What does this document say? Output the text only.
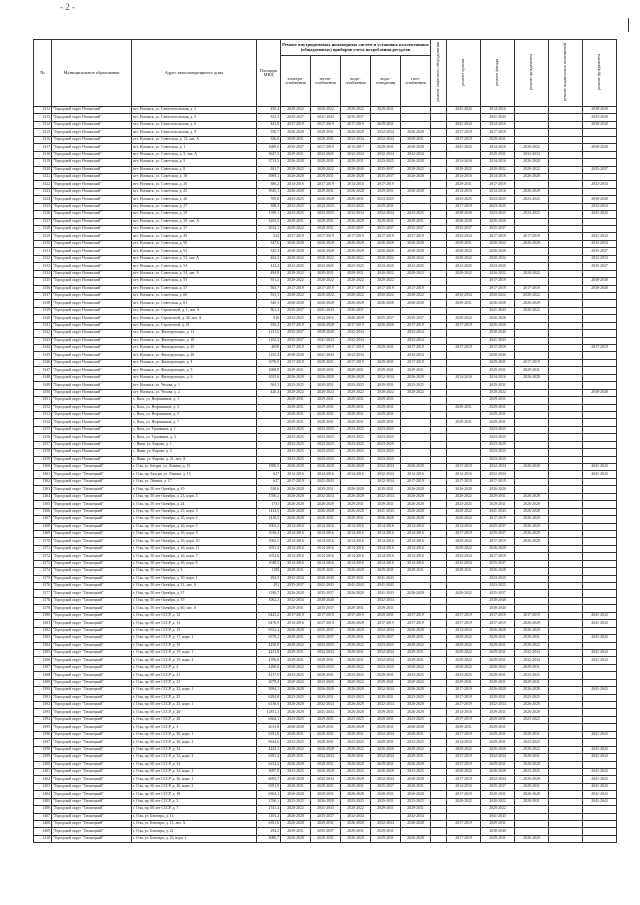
- 2 -
№	Муниципальное образование	Адрес многоквартирного дома	Площадь МКД	Ремонт внутридомовых инженерных систем и установка коллективных (общедомовых) приборов учета потребления ресурсов					ремонт лифтового оборудования	ремонт крыши	ремонт фасада	ремонт фундамента	ремонт подвальных помещений	ремонт фундамента
				электро-снабжения	тепло-снабжения	водо-снабжения	водо-отведения	газо-снабжения						
1312	"Городской округ Ногинский"	пгт. Ногинск, ул. Севастопольская, д. 2	450,4	2020-2022	2020-2022	2020-2022	2029-2031			2041-2043	2014-2016			2038-2040
1313	"Городской округ Ногинский"	пгт. Ногинск, ул. Севастопольская, д. 3	823,3	2035-2037	2041-2043	2035-2037					2041-2043			2035-2040
1314	"Городской округ Ногинский"	пгт. Ногинск, ул. Севастопольская, д. 6	443,8	2017-2019	2017-2019	2017-2019	2029-2031			2041-2043	2014-2016			2038-2040
1315	"Городской округ Ногинский"	пгт. Ногинск, ул. Севастопольская, д. 9	550,7	2026-2028	2029-2031	2026-2028	2032-2034	2026-2028		2017-2019	2017-2019			
1316	"Городской округ Ногинский"	пгт. Ногинск, ул. Советская, д. 13, лит. А	536,0	2029-2031	2029-2031	2032-2034	2032-2034	2029-2031		2017-2019	2029-2031			
1317	"Городской округ Ногинский"	пгт. Ногинск, ул. Советская, д. 1	1689,0	2035-2037	2017-2019	2015-2017	2029-2031	2026-2028		2041-2043	2014-2016	2020-2022		2038-2040
1318	"Городской округ Ногинский"	пгт. Ногинск, ул. Советская, д. 3, лит. А	3627,3	2029-2031	2023-2025	2032-2034	2032-2034	2032-2034			2029-2031	2032-2034		
1319	"Городской округ Ногинский"	пгт. Ногинск, ул. Советская, д. 5	3713,5	2026-2028	2029-2031	2029-2031	2023-2025	2026-2028		2014-2016	2014-2016	2026-2028		
1320	"Городской округ Ногинский"	пгт. Ногинск, ул. Советская, д. 8	631,7	2020-2022	2020-2022	2038-2040	2035-2037	2020-2022		2020-2022	2020-2022	2020-2022		2035-2037
1321	"Городской округ Ногинский"	пгт. Ногинск, ул. Советская, д. 18	3969,1	2026-2028	2029-2031	2026-2028	2035-2037	2026-2028		2014-2016	2014-2016	2026-2028		
1322	"Городской округ Ногинский"	пгт. Ногинск, ул. Советская, д. 20	386,2	2014-2016	2017-2019	2014-2016	2017-2019			2029-2031	2017-2019			2032-2034
1323	"Городской округ Ногинский"	пгт. Ногинск, ул. Советская, д. 25	3945,1	2026-2028	2029-2031	2026-2028	2029-2031	2026-2028		2014-2016	2014-2016	2026-2028		
1324	"Городской округ Ногинский"	пгт. Ногинск, ул. Советская, д. 26	705,8	2023-2025	2026-2028	2029-2031	2023-2025			2023-2025	2023-2025	2023-2025		2038-2040
1325	"Городской округ Ногинский"	пгт. Ногинск, ул. Советская, д. 27	398,3	2023-2025	2023-2025	2023-2025	2029-2031			2017-2019	2023-2025			2032-2034
1326	"Городской округ Ногинский"	пгт. Ногинск, ул. Советская, д. 29	1599,1	2023-2025	2023-2025	2032-2034	2032-2034	2023-2025		2038-2040	2023-2025	2023-2025		2041-2043
1327	"Городской округ Ногинский"	пгт. Ногинск, ул. Советская, д. 29, лит. А	3203,5	2029-2031	2029-2031	2026-2028	2029-2031	2029-2031		2026-2028	2026-2028			
1328	"Городской округ Ногинский"	пгт. Ногинск, ул. Советская, д. 37	2014,1	2020-2022	2029-2031	2035-2037	2035-2037	2035-2037		2035-2037	2035-2037			
1329	"Городской округ Ногинский"	пгт. Ногинск, ул. Советская, д. 49	543	2017-2019	2017-2019	2017-2019	2017-2019	2017-2019		2032-2034	2017-2019	2017-2019		2041-2043
1330	"Городской округ Ногинский"	пгт. Ногинск, ул. Советская, д. 50	547,6	2026-2028	2026-2028	2026-2028	2026-2028	2026-2028		2029-2031	2020-2022	2026-2028		2032-2034
1331	"Городской округ Ногинский"	пгт. Ногинск, ул. Советская, д. 52	545,3	2026-2028	2026-2028	2026-2028	2026-2028	2026-2028		2020-2022	2026-2028			2035-2037
1332	"Городской округ Ногинский"	пгт. Ногинск, ул. Советская, д. 53, лит. А	404,3	2020-2022	2020-2022	2020-2022	2020-2022	2020-2022		2020-2022	2020-2022			2032-2034
1333	"Городской округ Ногинский"	пгт. Ногинск, ул. Советская, д. 54	414,4	2023-2025	2023-2025	2023-2025	2023-2025	2023-2025		2023-2025	2023-2025			2035-2037
1334	"Городской округ Ногинский"	пгт. Ногинск, ул. Советская, д. 54, лит. А	494,8	2020-2022	2029-2031	2029-2031	2020-2022	2020-2022		2020-2022	2020-2022	2020-2022		
1335	"Городской округ Ногинский"	пгт. Ногинск, ул. Советская, д. 55	551,2	2020-2022	2020-2022	2020-2022	2020-2022				2017-2019			2038-2040
1336	"Городской округ Ногинский"	пгт. Ногинск, ул. Советская, д. 57	563,7	2017-2019	2017-2019	2017-2019	2017-2019	2017-2019			2017-2019	2017-2019		2038-2040
1337	"Городской округ Ногинский"	пгт. Ногинск, ул. Советская, д. 60	531,1	2020-2022	2020-2022	2020-2022	2020-2022	2020-2022		2032-2034	2020-2022	2020-2022		
1338	"Городской округ Ногинский"	пгт. Ногинск, ул. Советская, д. 61	540,5	2026-2028	2026-2028	2026-2028	2026-2028	2026-2028		2029-2031	2026-2028	2026-2028		
1339	"Городской округ Ногинский"	пгт. Ногинск, ул. Строителей, д. 1, лит. А	501,4	2035-2037	2041-2043	2035-2037					2041-2043	2020-2022		
1340	"Городской округ Ногинский"	пгт. Ногинск, ул. Строителей, д. 38, лит. А	816	2023-2025	2014-2016	2026-2028	2035-2037	2035-2037		2020-2022	2026-2028			
1341	"Городской округ Ногинский"	пгт. Ногинск, ул. Строителей, д. 41	550,4	2017-2019	2026-2028	2017-2019	2026-2028	2017-2019		2017-2019	2026-2028			
1342	"Городской округ Ногинский"	пгт. Ногинск, ул. Фильтрующих, д. 12	1211,6	2035-2037	2038-2040	2032-2034		2032-2034			2038-2040			
1343	"Городской округ Ногинский"	пгт. Ногинск, ул. Фильтрующих, д. 18	1102,5	2035-2037	2041-2043	2032-2034		2032-2034			2041-2043			
1344	"Городской округ Ногинский"	пгт. Ногинск, ул. Фильтрующих, д. 25	4058	2017-2019	2017-2019	2017-2019	2029-2031	2017-2019		2017-2019	2017-2019			2017-2019
1345	"Городской округ Ногинский"	пгт. Ногинск, ул. Фильтрующих, д. 28	1255,4	2038-2040	2041-2043	2032-2034		2032-2034			2038-2040			
1346	"Городской округ Ногинский"	пгт. Ногинск, ул. Фильтрующих, д. 4	1076,5	2017-2019	2029-2031	2017-2019	2029-2031	2017-2019			2029-2031	2017-2019		
1347	"Городской округ Ногинский"	пгт. Ногинск, ул. Фильтрующих, д. 5	1068,8	2029-2031	2029-2031	2029-2031	2029-2031	2029-2031			2029-2031	2029-2031		
1348	"Городской округ Ногинский"	пгт. Ногинск, ул. Фильтрующих, д. 6	1015,6	2026-2028	2026-2028	2026-2028	2032-2034	2026-2028		2014-2016	2014-2016	2026-2028		
1349	"Городской округ Ногинский"	пгт. Ногинск, ул. Чехова, д. 1	563,3	2023-2025	2029-2031	2023-2025	2029-2031	2023-2025			2029-2031			
1350	"Городской округ Ногинский"	пгт. Ногинск, ул. Чехова, д. 2	420,4	2020-2022	2020-2022	2020-2022	2020-2022	2020-2022			2020-2022			2038-2040
1351	"Городской округ Ногинский"	с. Вась, ул. Нефтяников, д. 1		2029-2031	2029-2031	2029-2031	2029-2031				2029-2031			
1352	"Городской округ Ногинский"	с. Вась, ул. Нефтяников, д. 3		2029-2031	2029-2031	2029-2031	2029-2031			2029-2031	2029-2031			
1353	"Городской округ Ногинский"	с. Вась, ул. Нефтяников, д. 5		2029-2031	2029-2031	2029-2031	2029-2031				2029-2031			
1354	"Городской округ Ногинский"	с. Вась, ул. Нефтяников, д. 7		2029-2031	2029-2031	2029-2031	2029-2031			2029-2031	2029-2031			
1355	"Городской округ Ногинский"	с. Вась, ул. Трошкина, д. 1		2023-2025	2023-2025	2023-2025	2023-2025				2023-2025			
1356	"Городской округ Ногинский"	с. Вась, ул. Трошкина, д. 3		2023-2025	2023-2025	2023-2025	2023-2025				2023-2025			
1357	"Городской округ Ногинский"	с. Ивня, ул. Кирова, д. 1		2023-2025	2023-2025	2023-2025	2023-2025				2023-2025			
1358	"Городской округ Ногинский"	с. Ивня, ул. Кирова, д. 3		2023-2025	2023-2025	2023-2025	2023-2025				2023-2025			
1359	"Городской округ Ногинский"	с. Ивня, ул. Кирова, д. 21, лит. А		2023-2025	2023-2025	2023-2025	2023-2025				2023-2025			
1360	"Городской округ "Олонецкий"	г. Олн, ул. Батури, ул. Ленина, д. 13	1880,5	2026-2028	2026-2028	2026-2028	2032-2034	2026-2028		2017-2019	2032-2034	2026-2028		2041-2043
1361	"Городской округ "Олонецкий"	г. Олн, пр. Батури, ул. Ленина, д. 15	627	2014-2016	2014-2016	2014-2016	2032-2034	2014-2016		2014-2016	2032-2034			2041-2043
1362	"Городской округ "Олонецкий"	г. Олн, ул. Ленина, д. 17	627	2017-2019	2041-2043		2032-2034	2017-2019		2017-2019	2017-2019			
1363	"Городской округ "Олонецкий"	г. Олн, пр. 50 лет Октября, д. 10	526,6	2026-2028	2029-2031	2026-2028	2029-2031	2026-2028		2026-2028	2026-2028			
1364	"Городской округ "Олонецкий"	г. Олн, пр. 50 лет Октября, д. 23, корп. 1	1706,2	2026-2028	2032-2034	2026-2028	2032-2034	2026-2028		2020-2022	2029-2031	2026-2028		
1365	"Городской округ "Олонецкий"	г. Олн, пр. 50 лет Октября, д. 24	1731	2026-2028	2026-2028	2029-2031	2029-2031	2026-2028		2023-2025	2029-2031	2026-2028		
1366	"Городской округ "Олонецкий"	г. Олн, пр. 50 лет Октября, д. 25, корп. 3	1414,5	2026-2028	2026-2028	2026-2028	2041-2043	2026-2028		2020-2022	2041-2043	2026-2028		
1367	"Городской округ "Олонецкий"	г. Олн, пр. 50 лет Октября, д. 25, корп. 4	1418,5	2026-2028	2029-2031	2029-2031	2026-2028	2026-2028		2020-2022	2017-2019	2026-2028		
1368	"Городской округ "Олонецкий"	г. Олн, пр. 50 лет Октября, д. 26, корп. 5	1005,2	2014-2016	2014-2016	2014-2016	2014-2016	2014-2016		2014-2016	2035-2037	2026-2028		
1369	"Городской округ "Олонецкий"	г. Олн, пр. 50 лет Октября, д. 26, корп. 9	1016,4	2014-2016	2014-2016	2014-2016	2014-2016	2014-2016		2017-2019	2035-2037	2026-2028		
1370	"Городской округ "Олонецкий"	г. Олн, пр. 50 лет Октября, д. 26, корп. 10	1002,5	2014-2016	2014-2016	2014-2016	2014-2016	2014-2016		2020-2022	2017-2019	2026-2028		
1371	"Городской округ "Олонецкий"	г. Олн, пр. 50 лет Октября, д. 26, корп. 11	1051,4	2014-2016	2014-2016	2014-2016	2014-2016	2014-2016		2020-2022	2026-2028			
1372	"Городской округ "Олонецкий"	г. Олн, пр. 50 лет Октября, д. 26, корп. 7	1052,8	2014-2016	2014-2016	2014-2016	2014-2016	2014-2016		2032-2034	2017-2019			
1373	"Городской округ "Олонецкий"	г. Олн, пр. 50 лет Октября, д. 26, корп. 8	1048,5	2014-2016	2014-2016	2014-2016	2014-2016	2014-2016		2032-2034	2035-2037			
1374	"Городской округ "Олонецкий"	г. Олн, пр. 50 лет Октября, д. 3	1190	2029-2031	2029-2031	2026-2028	2029-2031	2029-2031		2029-2031	2026-2028			
1375	"Городской округ "Олонецкий"	г. Олн, пр. 50 лет Октября, д. 30, корп. 1	294,3	2032-2034	2038-2040	2029-2031	2041-2043				2023-2025			
1376	"Городской округ "Олонецкий"	г. Олн, пр. 50 лет Октября, д. 31, лит. А	291	2035-2037	2041-2043	2041-2043	2041-2043				2023-2025			
1377	"Городской округ "Олонецкий"	г. Олн, пр. 50 лет Октября, д. 37	1180,7	2026-2028	2035-2037	2026-2028	2041-2043	2026-2028		2020-2022	2035-2037			
1378	"Городской округ "Олонецкий"	г. Олн, пр. 50 лет Октября, д. 39	1062,2	2032-2034	2038-2040		2032-2034				2038-2040			
1379	"Городской округ "Олонецкий"	г. Олн, пр. 50 лет Октября, д. 60, лит. А		2029-2031	2035-2037	2029-2031	2029-2031				2038-2040			
1380	"Городской округ "Олонецкий"	г. Олн, пр. 60 лет СССР, д. 12	6443,2	2017-2019	2017-2019	2017-2019	2029-2031	2017-2019		2017-2019	2017-2019	2017-2019		2041-2043
1381	"Городской округ "Олонецкий"	г. Олн, пр. 60 лет СССР, д. 13	6476,9	2014-2016	2017-2019	2026-2028	2017-2019	2017-2019		2017-2019	2017-2019	2026-2028		2041-2043
1382	"Городской округ "Олонецкий"	г. Олн, пр. 60 лет СССР, д. 15	6552,4	2026-2028	2035-2037	2026-2028	2032-2034	2026-2028		2014-2016	2026-2028	2026-2028		
1383	"Городской округ "Олонецкий"	г. Олн, пр. 60 лет СССР, д. 17, корп. 1	6579,2	2029-2031	2035-2037	2029-2031	2035-2037	2029-2031		2020-2022	2029-2031	2029-2031		2041-2043
1384	"Городской округ "Олонецкий"	г. Олн, пр. 60 лет СССР, д. 19	4230,0	2020-2022	2023-2025	2020-2022	2023-2025	2020-2022		2020-2022	2029-2031	2020-2022		
1385	"Городской округ "Олонецкий"	г. Олн, пр. 60 лет СССР, д. 19, корп. 1	4233,8	2029-2031	2032-2034	2029-2031	2032-2034	2029-2031		2020-2022	2029-2031	2032-2034		2041-2043
1386	"Городской округ "Олонецкий"	г. Олн, пр. 60 лет СССР, д. 19, корп. 2	4790,8	2029-2031	2029-2031	2029-2031	2032-2034	2029-2031		2020-2022	2029-2031	2032-2034		2041-2043
1387	"Городской округ "Олонецкий"	г. Олн, пр. 60 лет СССР, д. 2	4260,6	2020-2022	2023-2025	2020-2022	2023-2025	2020-2022		2020-2022	2020-2022	2029-2031		
1388	"Городской округ "Олонецкий"	г. Олн, пр. 60 лет СССР, д. 21	4217,9	2023-2025	2029-2031	2023-2025	2029-2031	2023-2025		2023-2025	2029-2031	2023-2025		
1389	"Городской округ "Олонецкий"	г. Олн, пр. 60 лет СССР, д. 23	2079,4	2020-2022	2023-2025	2020-2022	2029-2031	2020-2022		2029-2031	2029-2031	2029-2031		
1390	"Городской округ "Олонецкий"	г. Олн, пр. 60 лет СССР, д. 23, корп. 1	3994,1	2026-2028	2026-2028	2026-2028	2032-2034	2026-2028		2017-2019	2026-2028	2026-2028		2041-2043
1391	"Городской округ "Олонецкий"	г. Олн, пр. 60 лет СССР, д. 25	6284,8	2023-2025	2029-2031	2023-2025	2029-2031	2023-2025		2017-2019	2029-2031	2023-2025		
1392	"Городской округ "Олонецкий"	г. Олн, пр. 60 лет СССР, д. 25, корп. 1	6156,5	2026-2028	2032-2034	2026-2028	2032-2034	2026-2028		2017-2019	2032-2034	2026-2028		
1393	"Городской округ "Олонецкий"	г. Олн, пр. 60 лет СССР, д. 26	12811,3	2026-2028	2041-2043	2026-2028	2029-2031	2026-2028		2014-2016	2029-2031	2026-2028		
1394	"Городской округ "Олонецкий"	г. Олн, пр. 60 лет СССР, д. 28	6364,1	2023-2025	2029-2031	2023-2025	2029-2031	2023-2025		2017-2019	2029-2031	2023-2025		
1395	"Городской округ "Олонецкий"	г. Олн, пр. 60 лет СССР, д. 3	2013,8	2026-2028	2029-2031	2026-2028	2029-2031	2026-2028		2029-2031	2029-2031			
1396	"Городской округ "Олонецкий"	г. Олн, пр. 60 лет СССР, д. 30, корп. 1	6181,9	2029-2031	2029-2031	2029-2031	2032-2034	2029-2031		2017-2019	2029-2031	2029-2031		2041-2043
1397	"Городской округ "Олонецкий"	г. Олн, пр. 60 лет СССР, д. 30, корп. 2	9624,6	2023-2025	2029-2031	2023-2025	2029-2031	2023-2025		2014-2016	2029-2031	2023-2025		
1398	"Городской округ "Олонецкий"	г. Олн, пр. 60 лет СССР, д. 32	4244,1	2020-2022	2026-2028	2020-2022	2026-2028	2020-2022		2020-2022	2026-2028	2020-2022		2041-2043
1399	"Городской округ "Олонецкий"	г. Олн, пр. 60 лет СССР, д. 32, корп. 2	6391,4	2029-2031	2032-2034	2029-2031	2032-2034	2029-2031		2017-2019	2032-2034	2029-2031		2041-2043
1400	"Городской округ "Олонецкий"	г. Олн, пр. 60 лет СССР, д. 34	6234,3	2026-2028	2029-2031	2026-2028	2029-2031	2026-2028		2017-2019	2029-2031	2026-2028		
1401	"Городской округ "Олонецкий"	г. Олн, пр. 60 лет СССР, д. 34, корп. 1	3097,8	2023-2025	2026-2028	2023-2025	2026-2028	2023-2025		2020-2022	2026-2028	2023-2025		2041-2043
1402	"Городской округ "Олонецкий"	г. Олн, пр. 60 лет СССР, д. 36, корп. 1	6093,7	2026-2028	2032-2034	2026-2028	2032-2034	2026-2028		2017-2019	2032-2034	2026-2028		2041-2043
1403	"Городской округ "Олонецкий"	г. Олн, пр. 60 лет СССР, д. 36, корп. 2	6591,9	2029-2031	2029-2031	2029-2031	2035-2037	2029-2031		2014-2016	2035-2037	2029-2031		2041-2043
1404	"Городской округ "Олонецкий"	г. Олн, пр. 60 лет СССР, д. 38	6304,1	2026-2028	2029-2031	2026-2028	2029-2031	2026-2028		2017-2019	2029-2031	2026-2028		2041-2043
1405	"Городской округ "Олонецкий"	г. Олн, пр. 60 лет СССР, д. 5	3760,1	2023-2025	2026-2028	2023-2025	2029-2031	2023-2025		2020-2022	2020-2022	2029-2031		2041-2043
1406	"Городской округ "Олонецкий"	г. Олн, пр. 60 лет СССР, д. 7	2741,4	2020-2022	2041-2043	2020-2022	2029-2031	2029-2031			2020-2022			
1407	"Городской округ "Олонецкий"	г. Олн, ул. Блюхера, д. 13	1103,2	2026-2028	2035-2037	2032-2034		2032-2034			2041-2043			
1408	"Городской округ "Олонецкий"	г. Олн, ул. Блюхера, д. 13, лит. А	6391,6	2026-2028	2029-2031	2026-2028	2032-2034	2026-2028		2017-2019	2029-2031			
1409	"Городской округ "Олонецкий"	г. Олн, ул. Блюхера, д. 22	294,2	2029-2031	2035-2037	2029-2031	2029-2031				2038-2040			
1410	"Городской округ "Олонецкий"	г. Олн, ул. Блюхера, д. 23, корп. 1	3080,7	2026-2028	2029-2031	2026-2028	2029-2031	2026-2028		2017-2019	2029-2031	2026-2028		
